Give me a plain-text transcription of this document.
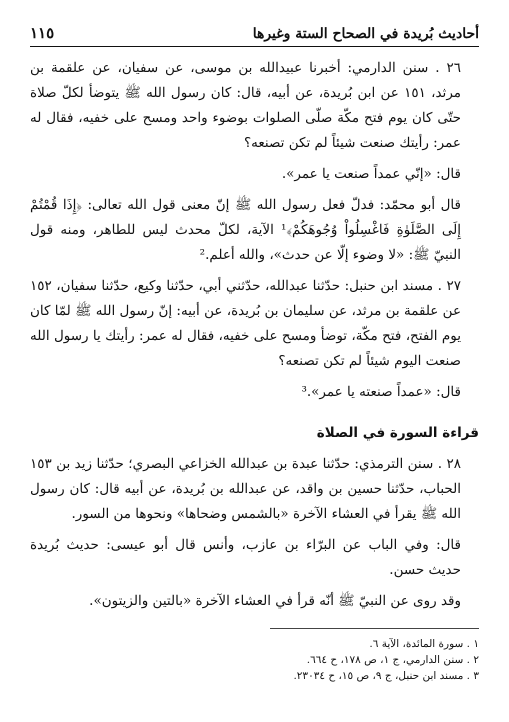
أحاديث بُريدة في الصحاح الستة وغيرها
١١٥

٢٦ . سنن الدارمي: أخبرنا عبيدالله بن موسى، عن سفيان، عن علقمة بن مرثد، ١٥١ عن ابن بُريدة، عن أبيه، قال: كان رسول الله ﷺ يتوضأ لكلّ صلاة حتّى كان يوم فتح مكّة صلّى الصلوات بوضوء واحد ومسح على خفيه، فقال له عمر: رأيتك صنعت شيئاً لم تكن تصنعه؟

قال: «إنّي عمداً صنعت يا عمر».

قال أبو محمّد: فدلّ فعل رسول الله ﷺ إنّ معنى قول الله تعالى: ﴿إِذَا قُمْتُمْ إِلَى الصَّلَوٰةِ فَاغْسِلُواْ وُجُوهَكُمْ﴾¹ الآية، لكلّ محدث ليس للطاهر، ومنه قول النبيّ ﷺ: «لا وضوء إلّا عن حدث»، والله أعلم.²

٢٧ . مسند ابن حنبل: حدّثنا عبدالله، حدّثني أبي، حدّثنا وكيع، حدّثنا سفيان، ١٥٢ عن علقمة بن مرثد، عن سليمان بن بُريدة، عن أبيه: إنّ رسول الله ﷺ لمّا كان يوم الفتح، فتح مكّة، توضأ ومسح على خفيه، فقال له عمر: رأيتك يا رسول الله صنعت اليوم شيئاً لم تكن تصنعه؟

قال: «عمداً صنعته يا عمر».³

قراءة السورة في الصلاة

٢٨ . سنن الترمذي: حدّثنا عبدة بن عبدالله الخزاعي البصري؛ حدّثنا زيد بن ١٥٣ الحباب، حدّثنا حسين بن واقد، عن عبدالله بن بُريدة، عن أبيه قال: كان رسول الله ﷺ يقرأ في العشاء الآخرة «بالشمس وضحاها» ونحوها من السور.

قال: وفي الباب عن البرّاء بن عازب، وأنس قال أبو عيسى: حديث بُريدة حديث حسن.

وقد روى عن النبيّ ﷺ أنّه قرأ في العشاء الآخرة «بالتين والزيتون».

١ . سورة المائدة، الآية ٦.

٢ . سنن الدارمي، ج ١، ص ١٧٨، ح ٦٦٤.

٣ . مسند ابن حنبل، ج ٩، ص ١٥، ح ٢٣٠٣٤.
